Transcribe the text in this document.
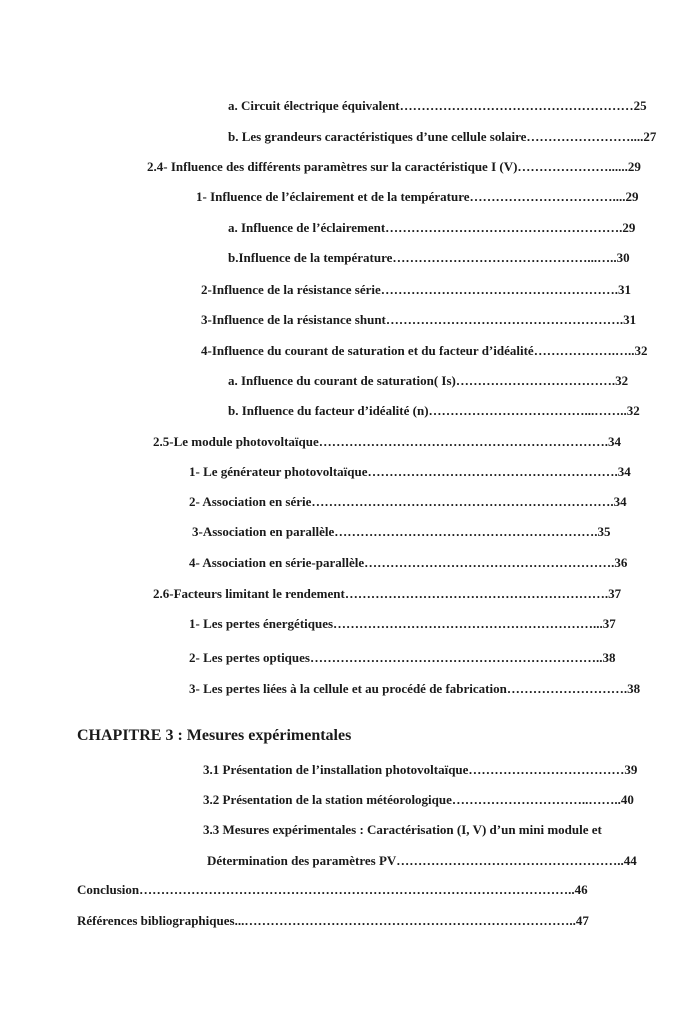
a. Circuit électrique équivalent………………………………………………25
b. Les grandeurs caractéristiques d’une cellule solaire……………………....27
2.4- Influence des différents paramètres sur la caractéristique I (V)…………………......29
1- Influence de l’éclairement et de la température……………………………....29
a. Influence de l’éclairement……………………………………………….29
b.Influence de la température………………………………………...…..30
2-Influence de la résistance série……………………………………………….31
3-Influence de la résistance shunt……………………………………………….31
4-Influence du courant de saturation et du facteur d’idéalité……………….…..32
a. Influence du courant de saturation( Is)……………………………….32
b. Influence du facteur d’idéalité (n)………………………………...……..32
2.5-Le module photovoltaïque………………………………………………………….34
1- Le générateur photovoltaïque………………………………………………….34
2- Association en série…………………………………………………………….34
3-Association en parallèle…………………………………………………….35
4- Association en série-parallèle………………………………………………….36
2.6-Facteurs limitant le rendement…………………………………………………….37
1- Les pertes énergétiques……………………………………………………...37
2- Les pertes optiques…………………………………………………………..38
3- Les pertes liées à la cellule et au procédé de fabrication……………………….38
CHAPITRE 3 : Mesures expérimentales
3.1 Présentation de l’installation photovoltaïque………………………………39
3.2 Présentation de la station météorologique…………………………..……..40
3.3 Mesures expérimentales : Caractérisation (I, V) d’un mini module et
Détermination des paramètres PV……………………………………………..44
Conclusion………………………………………………………………………………………..46
Références bibliographiques...…………………………………………………………………..47
